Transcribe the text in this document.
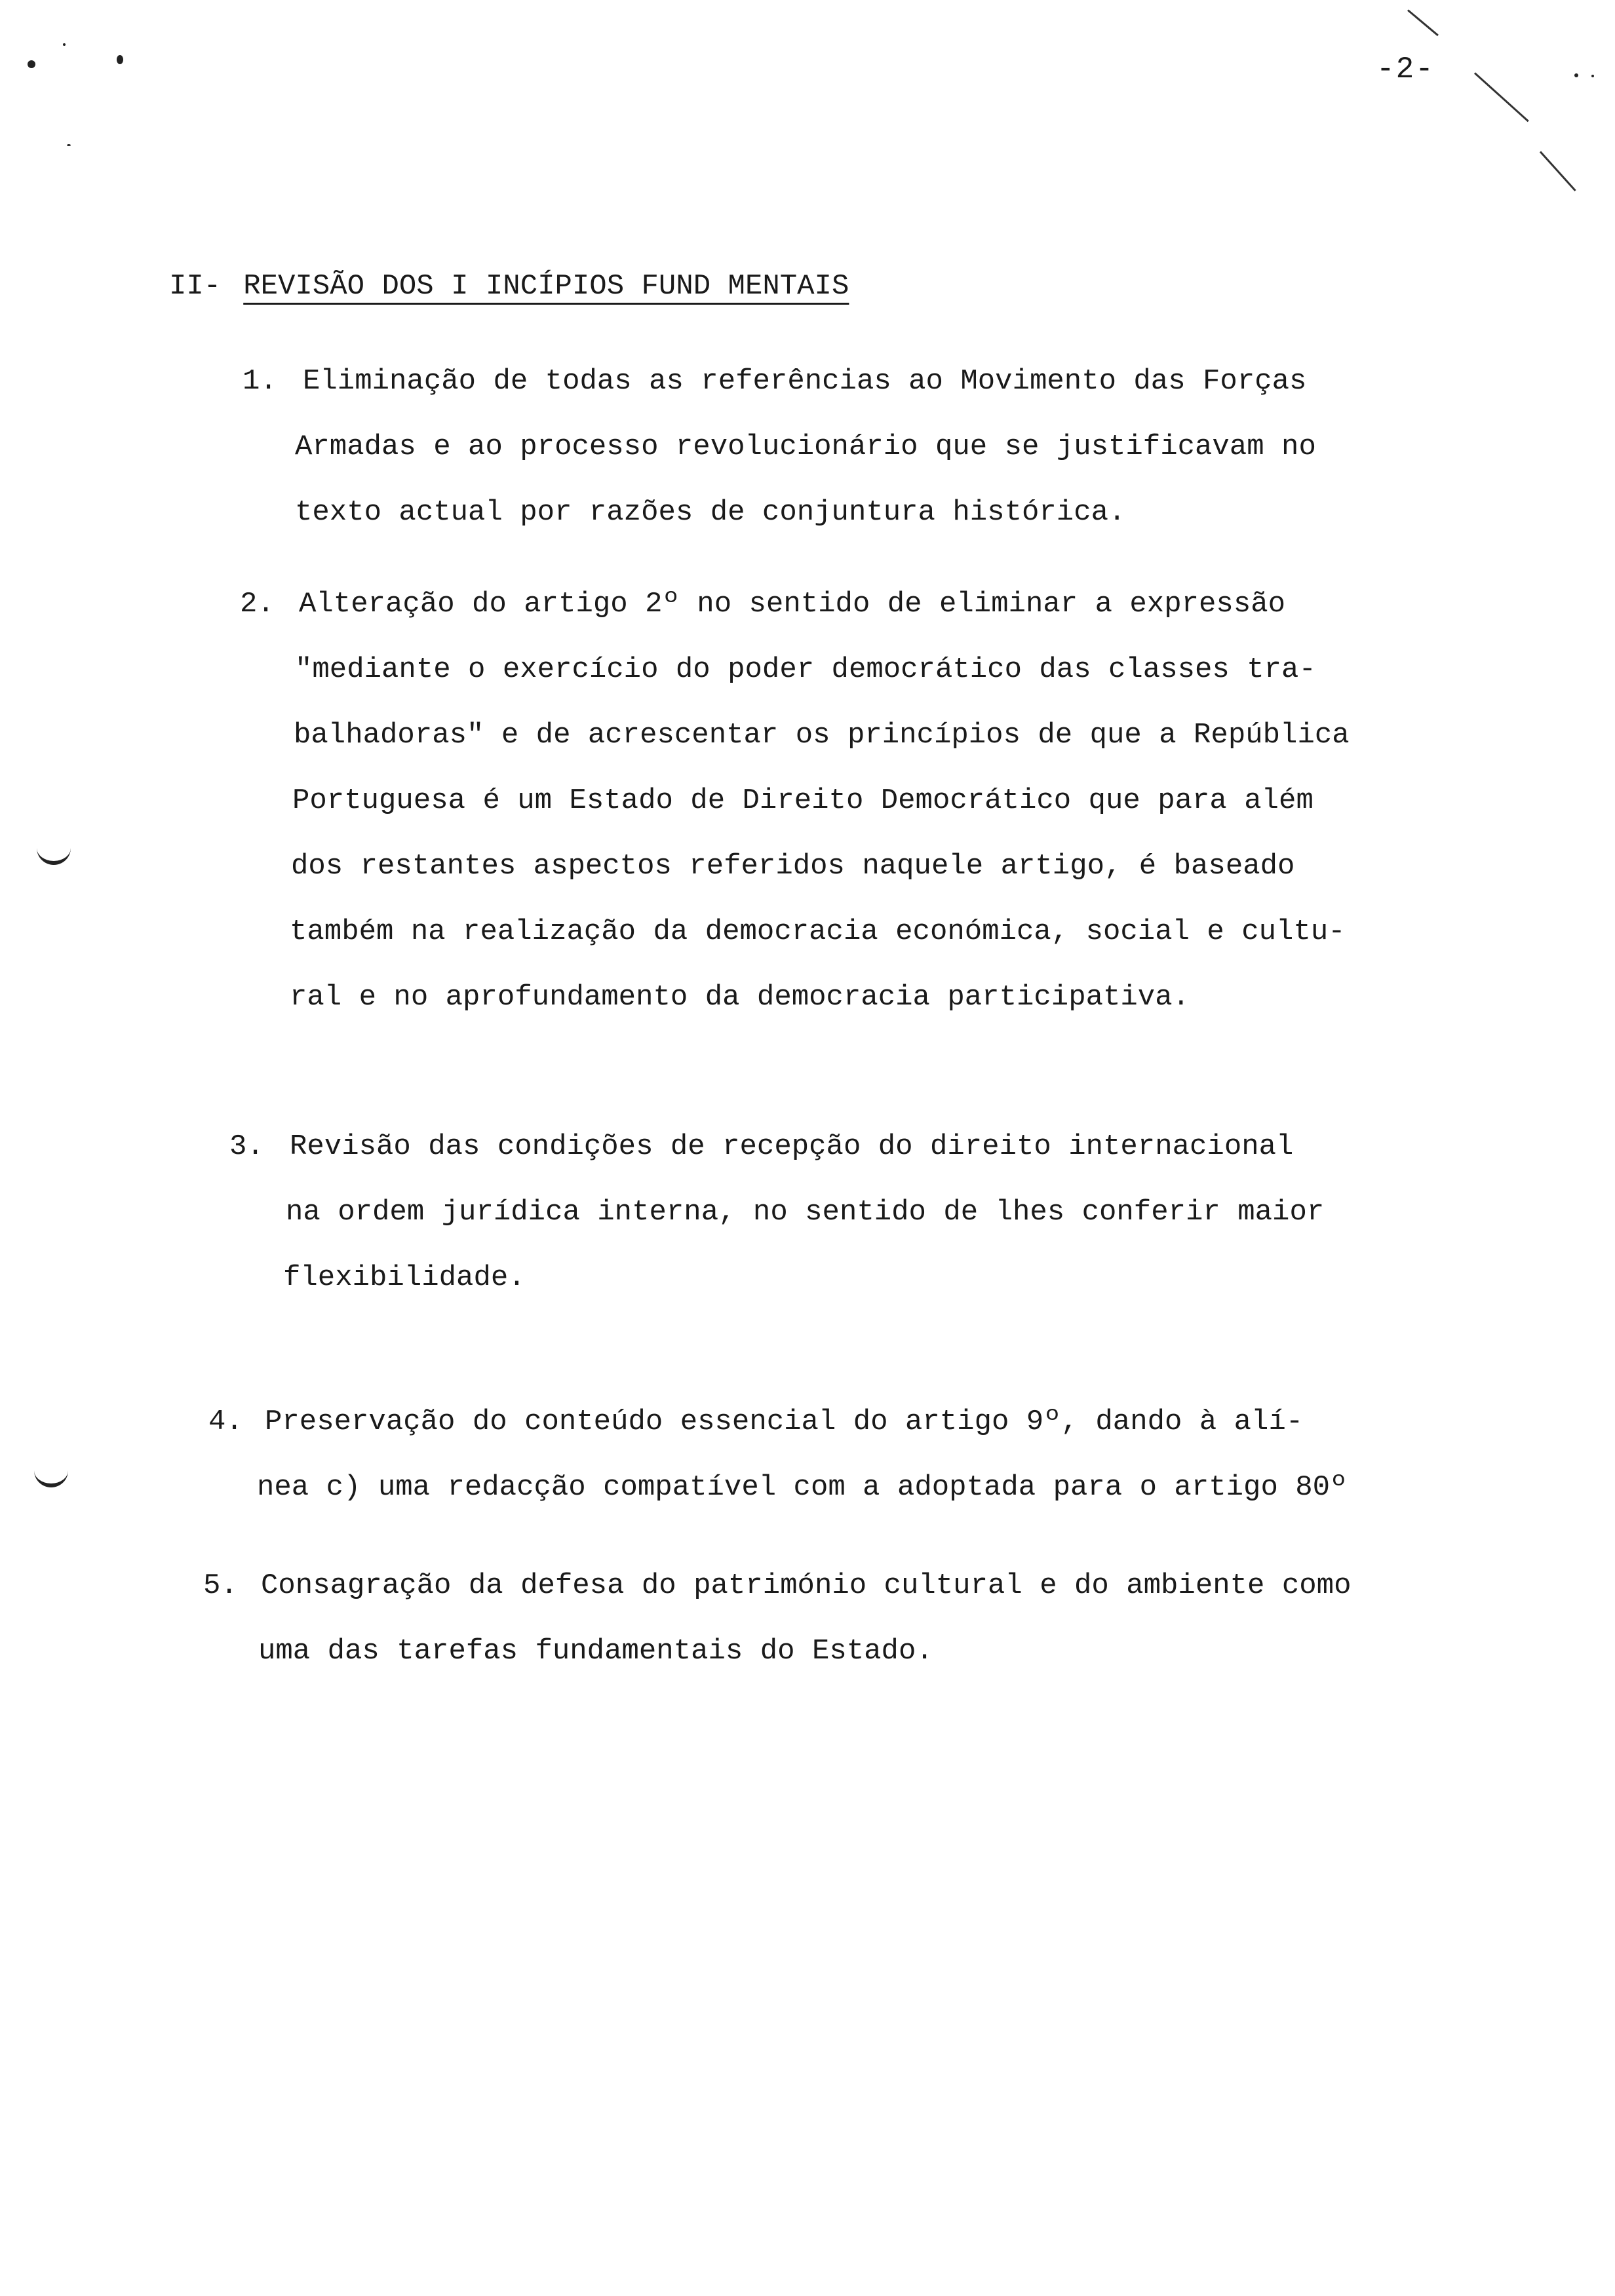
-2-
II- REVISÃO DOS I INCÍPIOS FUND MENTAIS
1. Eliminação de todas as referências ao Movimento das Forças
Armadas e ao processo revolucionário que se justificavam no
texto actual por razões de conjuntura histórica.
2. Alteração do artigo 2º no sentido de eliminar a expressão
"mediante o exercício do poder democrático das classes tra-
balhadoras" e de acrescentar os princípios de que a República
Portuguesa é um Estado de Direito Democrático que para além
dos restantes aspectos referidos naquele artigo, é baseado
também na realização da democracia económica, social e cultu-
ral e no aprofundamento da democracia participativa.
3. Revisão das condições de recepção do direito internacional
na ordem jurídica interna, no sentido de lhes conferir maior
flexibilidade.
4. Preservação do conteúdo essencial do artigo 9º, dando à alí-
nea c) uma redacção compatível com a adoptada para o artigo 80º
5. Consagração da defesa do património cultural e do ambiente como
uma das tarefas fundamentais do Estado.
